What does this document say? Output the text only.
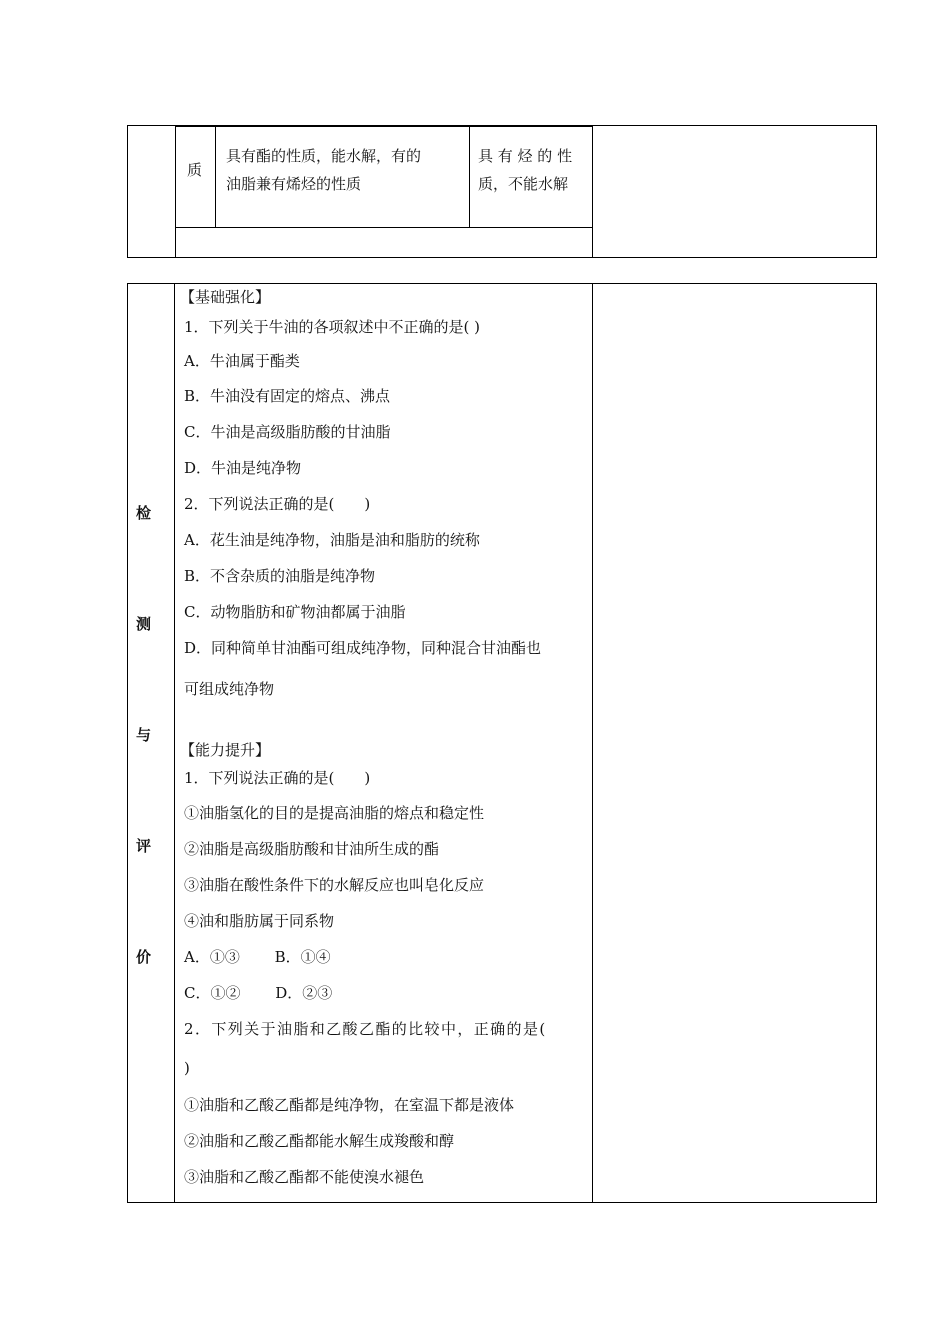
质
具有酯的性质，能水解，有的
油脂兼有烯烃的性质
具 有 烃 的 性
质，不能水解
检
测
与
评
价
【基础强化】
1．下列关于牛油的各项叙述中不正确的是( )
A．牛油属于酯类
B．牛油没有固定的熔点、沸点
C．牛油是高级脂肪酸的甘油脂
D．牛油是纯净物
2．下列说法正确的是(　　)
A．花生油是纯净物，油脂是油和脂肪的统称
B．不含杂质的油脂是纯净物
C．动物脂肪和矿物油都属于油脂
D．同种简单甘油酯可组成纯净物，同种混合甘油酯也
可组成纯净物
【能力提升】
1．下列说法正确的是(　　)
①油脂氢化的目的是提高油脂的熔点和稳定性
②油脂是高级脂肪酸和甘油所生成的酯
③油脂在酸性条件下的水解反应也叫皂化反应
④油和脂肪属于同系物
A．①③　　 B．①④
C．①②　　 D．②③
2．下列关于油脂和乙酸乙酯的比较中，正确的是(
)
①油脂和乙酸乙酯都是纯净物，在室温下都是液体
②油脂和乙酸乙酯都能水解生成羧酸和醇
③油脂和乙酸乙酯都不能使溴水褪色
